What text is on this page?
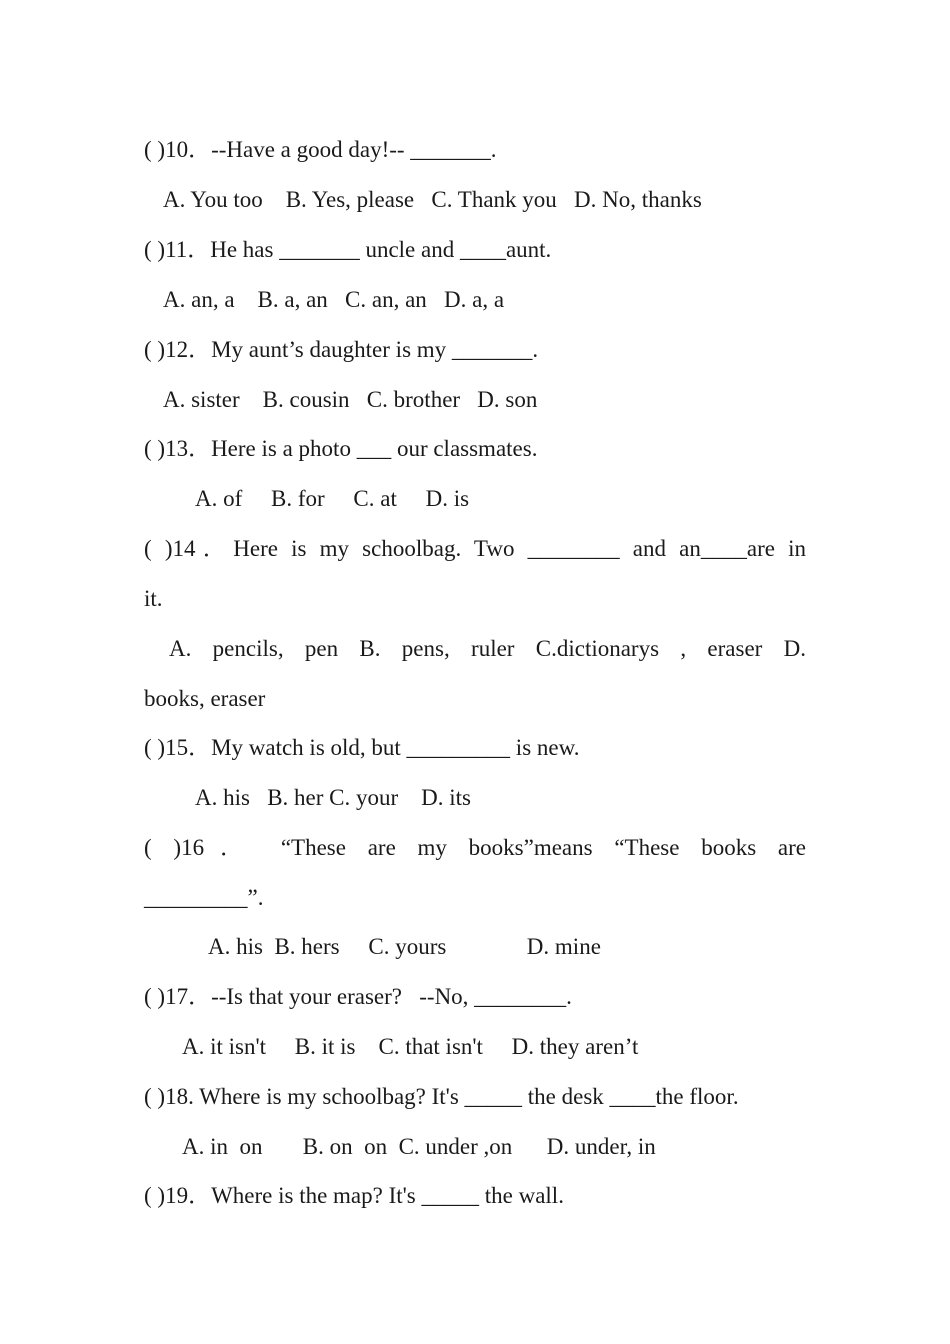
( )10．--Have a good day!-- _______.

A. You too    B. Yes, please   C. Thank you   D. No, thanks

( )11．He has _______ uncle and ____aunt.

A. an, a    B. a, an   C. an, an   D. a, a

( )12．My aunt’s daughter is my _______.

A. sister    B. cousin   C. brother   D. son

( )13．Here is a photo ___ our classmates.

A. of     B. for     C. at     D. is

( )14．Here is my schoolbag. Two ________ and an____are in

it.

A. pencils, pen B. pens, ruler C.dictionarys , eraser D.

books, eraser

( )15．My watch is old, but _________ is new.

A. his   B. her C. your    D. its

( )16． “These are my books”means “These books are

_________”.

A. his  B. hers     C. yours              D. mine

( )17．--Is that your eraser?   --No, ________.

A. it isn't     B. it is    C. that isn't     D. they aren’t

( )18. Where is my schoolbag? It's _____ the desk ____the floor.

A. in  on       B. on  on  C. under ,on      D. under, in

( )19．Where is the map? It's _____ the wall.
